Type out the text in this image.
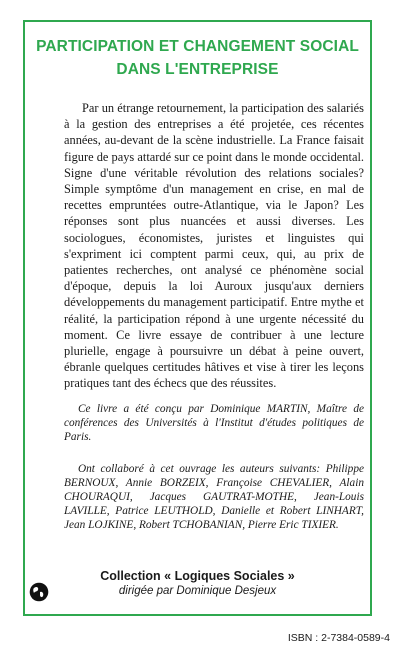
PARTICIPATION ET CHANGEMENT SOCIAL
DANS L'ENTREPRISE

Par un étrange retournement, la participation des salariés à la gestion des entreprises a été projetée, ces récentes années, au-devant de la scène industrielle. La France faisait figure de pays attardé sur ce point dans le monde occidental. Signe d'une véritable révolution des relations sociales? Simple symptôme d'un management en crise, en mal de recettes empruntées outre-Atlantique, via le Japon? Les réponses sont plus nuancées et aussi diverses. Les sociologues, économistes, juristes et linguistes qui s'expriment ici comptent parmi ceux, qui, au prix de patientes recherches, ont analysé ce phénomène social d'époque, depuis la loi Auroux jusqu'aux derniers développements du management participatif. Entre mythe et réalité, la participation répond à une urgente nécessité du moment. Ce livre essaye de contribuer à une lecture plurielle, engage à poursuivre un débat à peine ouvert, ébranle quelques certitudes hâtives et vise à tirer les leçons pratiques tant des échecs que des réussites.

Ce livre a été conçu par Dominique MARTIN, Maître de conférences des Universités à l'Institut d'études politiques de Paris.

Ont collaboré à cet ouvrage les auteurs suivants: Philippe BERNOUX, Annie BORZEIX, Françoise CHEVALIER, Alain CHOURAQUI, Jacques GAUTRAT-MOTHE, Jean-Louis LAVILLE, Patrice LEUTHOLD, Danielle et Robert LINHART, Jean LOJKINE, Robert TCHOBANIAN, Pierre Eric TIXIER.

Collection « Logiques Sociales »
dirigée par Dominique Desjeux
ISBN : 2-7384-0589-4
